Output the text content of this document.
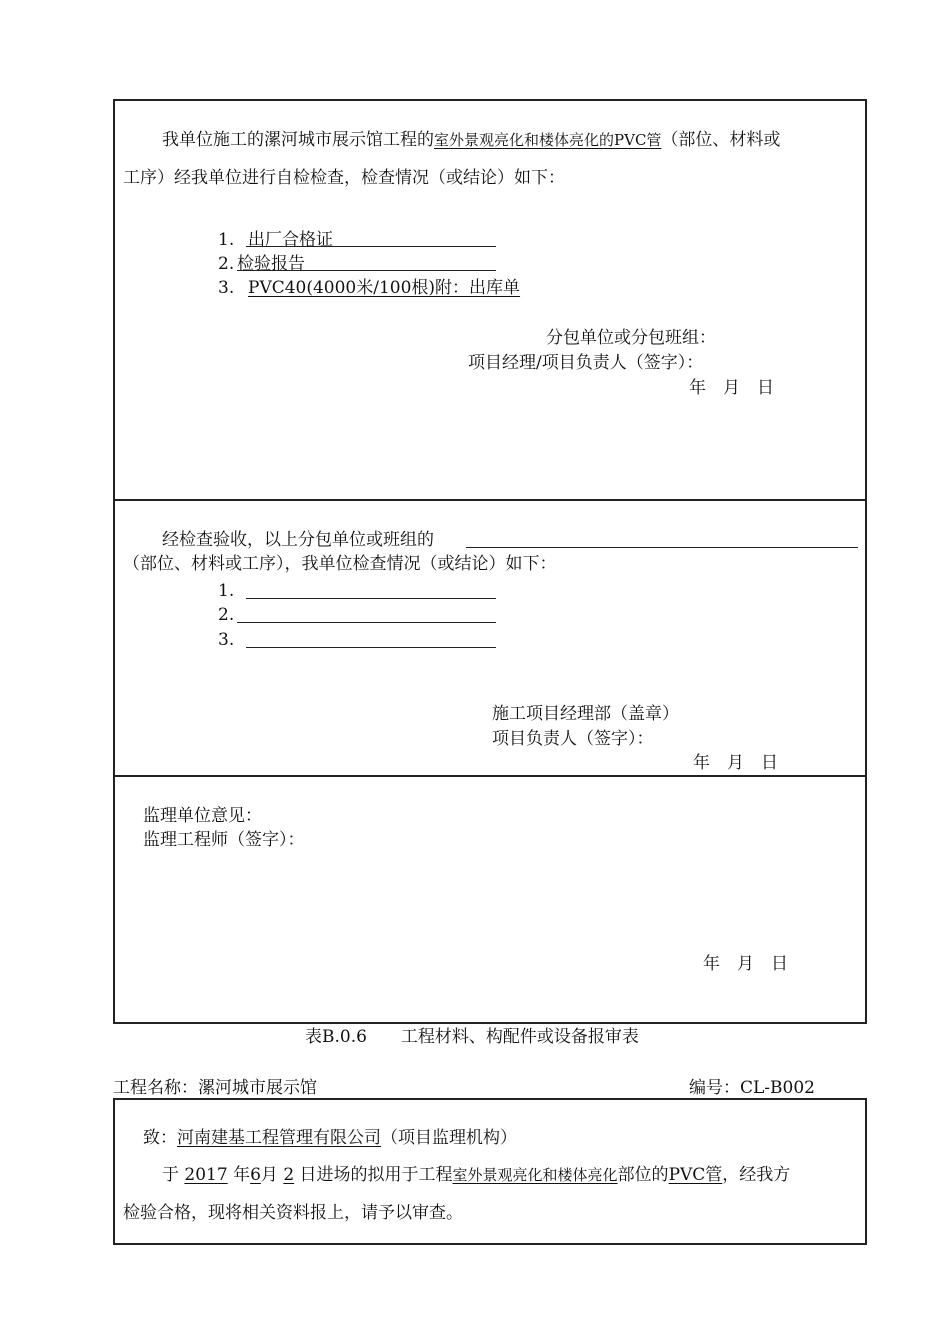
我单位施工的漯河城市展示馆工程的室外景观亮化和楼体亮化的PVC管（部位、材料或
工序）经我单位进行自检检查，检查情况（或结论）如下：
1. 出厂合格证
2. 检验报告
3. PVC40(4000米/100根)附：出库单
分包单位或分包班组：
项目经理/项目负责人（签字）：
年　月　日
经检查验收，以上分包单位或班组的
（部位、材料或工序），我单位检查情况（或结论）如下：
1.
2.
3.
施工项目经理部（盖章）
项目负责人（签字）：
年　月　日
监理单位意见：
监理工程师（签字）：
年　月　日
表B.0.6　　工程材料、构配件或设备报审表
工程名称：漯河城市展示馆	编号：CL-B002
致：河南建基工程管理有限公司（项目监理机构）
于 2017 年6月 2 日进场的拟用于工程室外景观亮化和楼体亮化部位的PVC管，经我方
检验合格，现将相关资料报上，请予以审查。
